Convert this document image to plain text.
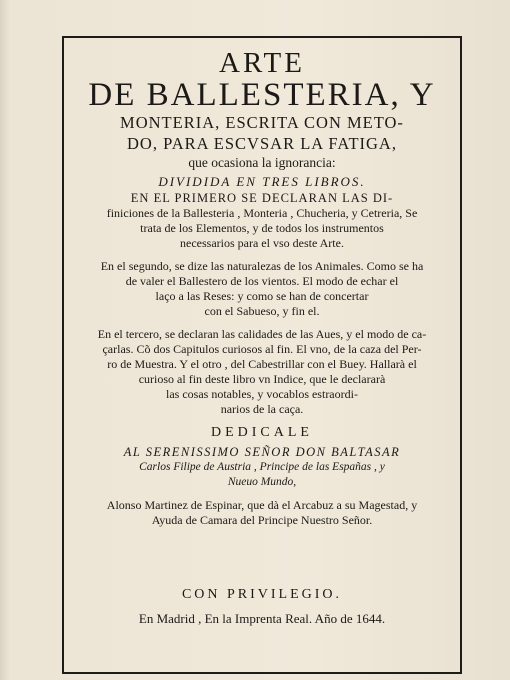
ARTE

DE BALLESTERIA, Y

MONTERIA, ESCRITA CON METO-

DO, PARA ESCVSAR LA FATIGA,

que ocasiona la ignorancia:

DIVIDIDA EN TRES LIBROS.

EN EL PRIMERO SE DECLARAN LAS DI-

finiciones de la Ballesteria , Monteria , Chucheria, y Cetreria, Se

trata de los Elementos, y de todos los instrumentos

necessarios para el vso deste Arte.

En el segundo, se dize las naturalezas de los Animales. Como se ha

de valer el Ballestero de los vientos. El modo de echar el

laço a las Reses: y como se han de concertar

con el Sabueso, y fin el.

En el tercero, se declaran las calidades de las Aues, y el modo de ca-

çarlas. Cõ dos Capitulos curiosos al fin. El vno, de la caza del Per-

ro de Muestra. Y el otro , del Cabestrillar con el Buey. Hallarà el

curioso al fin deste libro vn Indice, que le declararà

las cosas notables, y vocablos estraordi-

narios de la caça.

DEDICALE

AL SERENISSIMO SEÑOR DON BALTASAR

Carlos Filipe de Austria , Principe de las Españas , y

Nueuo Mundo,

Alonso Martinez de Espinar, que dà el Arcabuz a su Magestad, y

Ayuda de Camara del Principe Nuestro Señor.

CON PRIVILEGIO.

En Madrid , En la Imprenta Real. Año de 1644.
